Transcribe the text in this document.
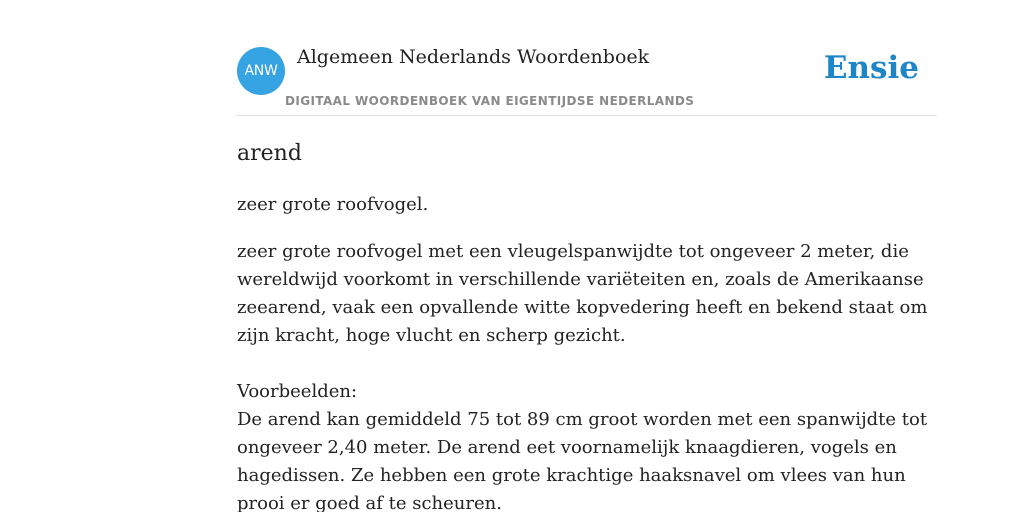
ANW
Algemeen Nederlands Woordenboek
DIGITAAL WOORDENBOEK VAN EIGENTIJDSE NEDERLANDS
Ensie
arend

zeer grote roofvogel.

zeer grote roofvogel met een vleugelspanwijdte tot ongeveer 2 meter, die wereldwijd voorkomt in verschillende variëteiten en, zoals de Amerikaanse zeearend, vaak een opvallende witte kopvedering heeft en bekend staat om zijn kracht, hoge vlucht en scherp gezicht.

Voorbeelden:

De arend kan gemiddeld 75 tot 89 cm groot worden met een spanwijdte tot ongeveer 2,40 meter. De arend eet voornamelijk knaagdieren, vogels en hagedissen. Ze hebben een grote krachtige haaksnavel om vlees van hun prooi er goed af te scheuren.
